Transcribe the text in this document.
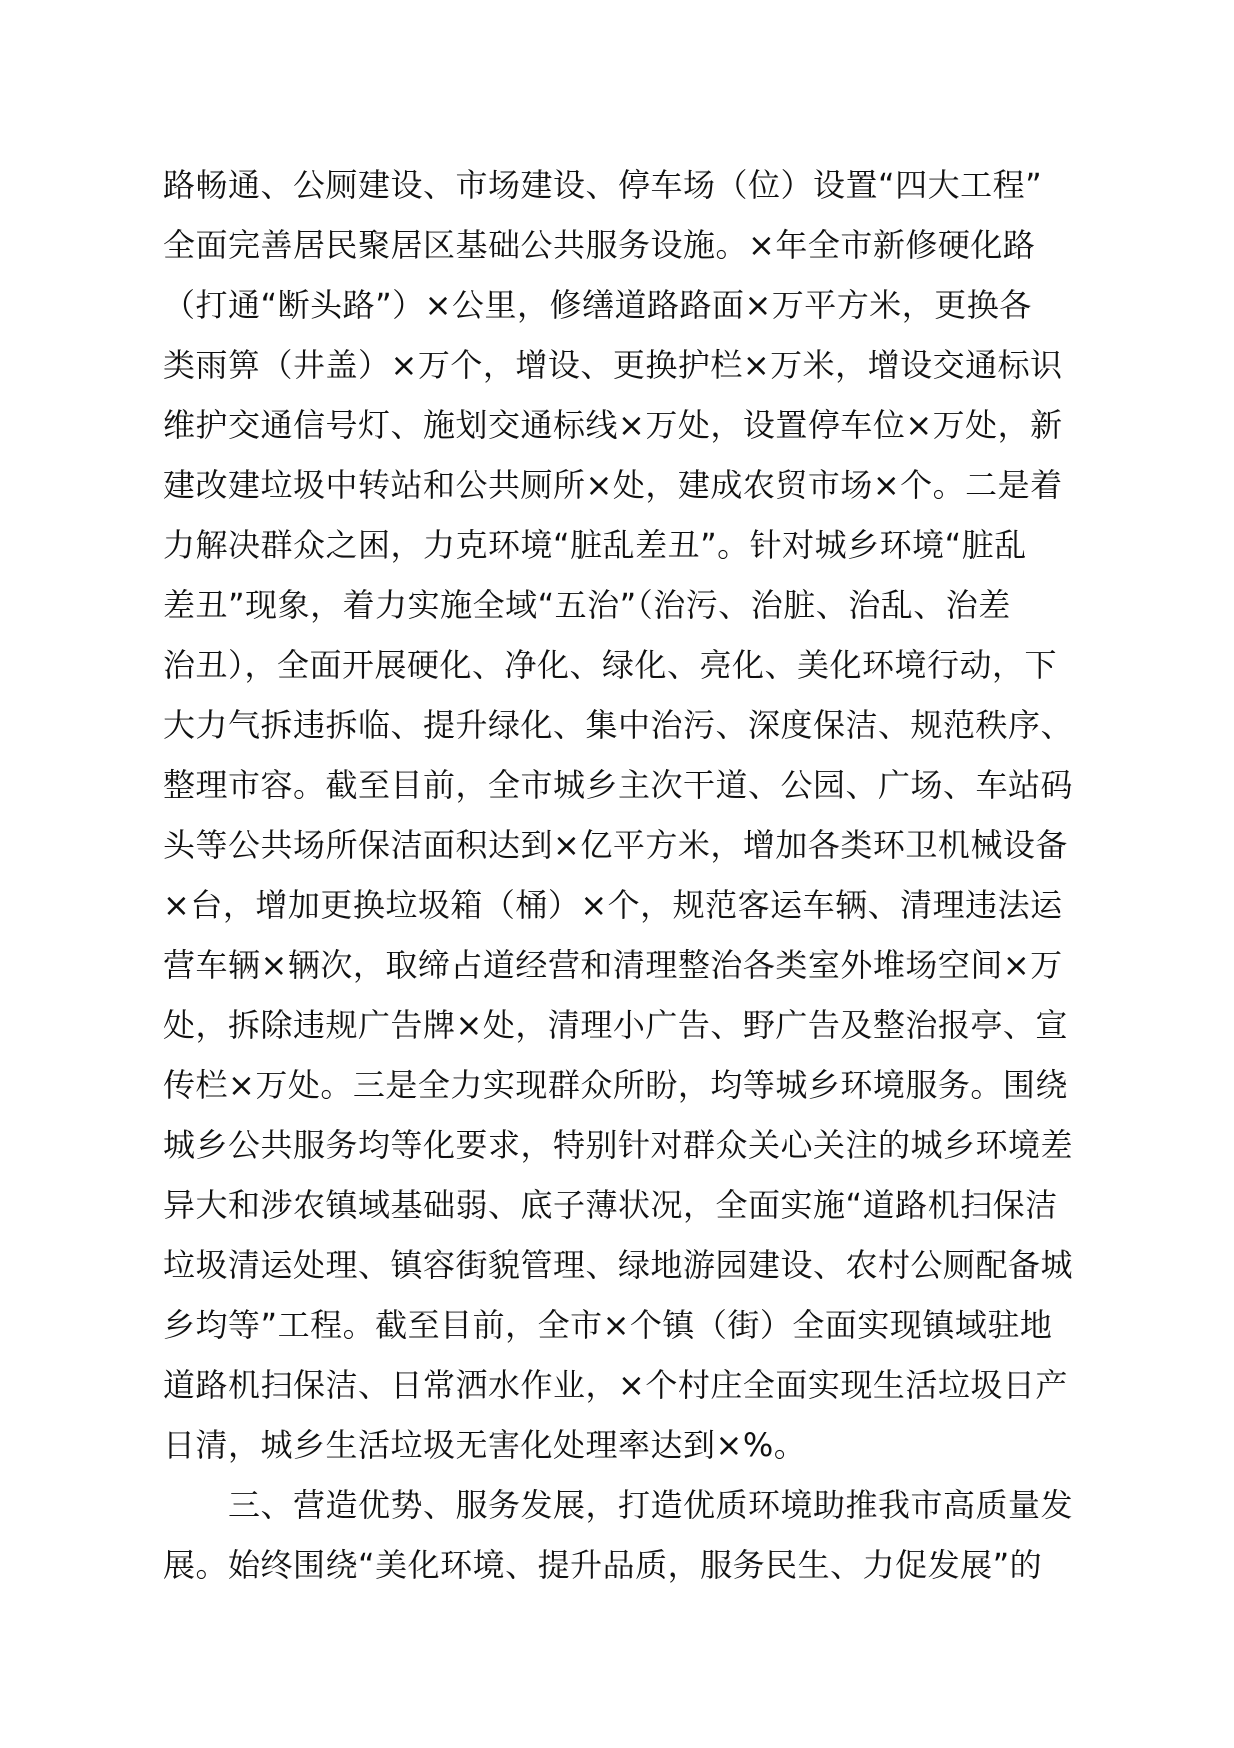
路畅通、公厕建设、市场建设、停车场（位）设置“四大工程”
全面完善居民聚居区基础公共服务设施。×年全市新修硬化路
（打通“断头路”）×公里，修缮道路路面×万平方米，更换各
类雨箅（井盖）×万个，增设、更换护栏×万米，增设交通标识
维护交通信号灯、施划交通标线×万处，设置停车位×万处，新
建改建垃圾中转站和公共厕所×处，建成农贸市场×个。二是着
力解决群众之困，力克环境“脏乱差丑”。针对城乡环境“脏乱
差丑”现象，着力实施全域“五治”（治污、治脏、治乱、治差
治丑），全面开展硬化、净化、绿化、亮化、美化环境行动，下
大力气拆违拆临、提升绿化、集中治污、深度保洁、规范秩序、
整理市容。截至目前，全市城乡主次干道、公园、广场、车站码
头等公共场所保洁面积达到×亿平方米，增加各类环卫机械设备
×台，增加更换垃圾箱（桶）×个，规范客运车辆、清理违法运
营车辆×辆次，取缔占道经营和清理整治各类室外堆场空间×万
处，拆除违规广告牌×处，清理小广告、野广告及整治报亭、宣
传栏×万处。三是全力实现群众所盼，均等城乡环境服务。围绕
城乡公共服务均等化要求，特别针对群众关心关注的城乡环境差
异大和涉农镇域基础弱、底子薄状况，全面实施“道路机扫保洁
垃圾清运处理、镇容街貌管理、绿地游园建设、农村公厕配备城
乡均等”工程。截至目前，全市×个镇（街）全面实现镇域驻地
道路机扫保洁、日常洒水作业，×个村庄全面实现生活垃圾日产
日清，城乡生活垃圾无害化处理率达到×%。
　　三、营造优势、服务发展，打造优质环境助推我市高质量发
展。始终围绕“美化环境、提升品质，服务民生、力促发展”的
